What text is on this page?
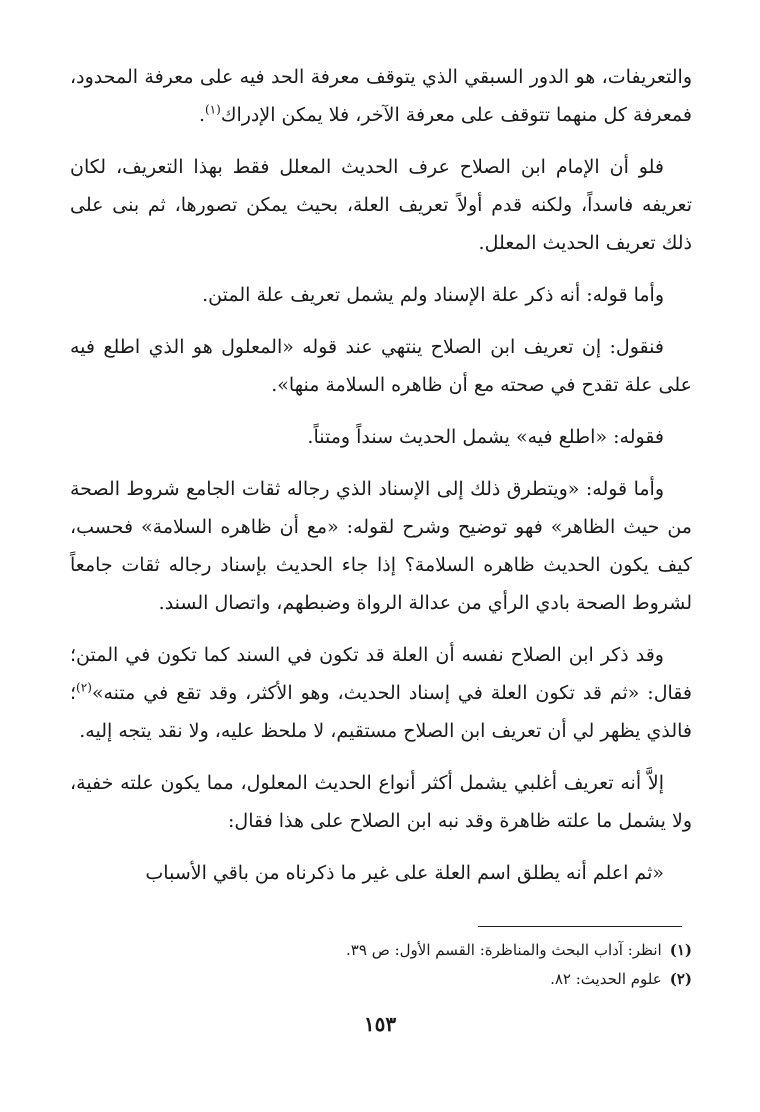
والتعريفات، هو الدور السبقي الذي يتوقف معرفة الحد فيه على معرفة المحدود، فمعرفة كل منهما تتوقف على معرفة الآخر، فلا يمكن الإدراك$^{(١)}$.

فلو أن الإمام ابن الصلاح عرف الحديث المعلل فقط بهذا التعريف، لكان تعريفه فاسداً، ولكنه قدم أولاً تعريف العلة، بحيث يمكن تصورها، ثم بنى على ذلك تعريف الحديث المعلل.

وأما قوله: أنه ذكر علة الإسناد ولم يشمل تعريف علة المتن.

فنقول: إن تعريف ابن الصلاح ينتهي عند قوله «المعلول هو الذي اطلع فيه على علة تقدح في صحته مع أن ظاهره السلامة منها».

فقوله: «اطلع فيه» يشمل الحديث سنداً ومتناً.

وأما قوله: «ويتطرق ذلك إلى الإسناد الذي رجاله ثقات الجامع شروط الصحة من حيث الظاهر» فهو توضيح وشرح لقوله: «مع أن ظاهره السلامة» فحسب، كيف يكون الحديث ظاهره السلامة؟ إذا جاء الحديث بإسناد رجاله ثقات جامعاً لشروط الصحة بادي الرأي من عدالة الرواة وضبطهم، واتصال السند.

وقد ذكر ابن الصلاح نفسه أن العلة قد تكون في السند كما تكون في المتن؛ فقال: «ثم قد تكون العلة في إسناد الحديث، وهو الأكثر، وقد تقع في متنه»$^{(٢)}$؛ فالذي يظهر لي أن تعريف ابن الصلاح مستقيم، لا ملحظ عليه، ولا نقد يتجه إليه.

إلاَّ أنه تعريف أغلبي يشمل أكثر أنواع الحديث المعلول، مما يكون علته خفية، ولا يشمل ما علته ظاهرة وقد نبه ابن الصلاح على هذا فقال:

«ثم اعلم أنه يطلق اسم العلة على غير ما ذكرناه من باقي الأسباب

(١)انظر: آداب البحث والمناظرة: القسم الأول: ص ٣٩.

(٢)علوم الحديث: ٨٢.

١٥٣
